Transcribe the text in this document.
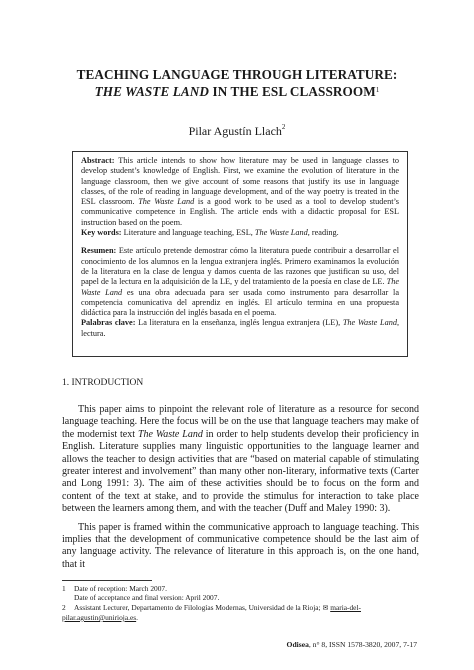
TEACHING LANGUAGE THROUGH LITERATURE:
THE WASTE LAND IN THE ESL CLASSROOM$^1$
Pilar Agustín Llach$^2$

Abstract: This article intends to show how literature may be used in language classes to develop student’s knowledge of English. First, we examine the evolution of literature in the language classroom, then we give account of some reasons that justify its use in language classes, of the role of reading in language development, and of the way poetry is treated in the ESL classroom. The Waste Land is a good work to be used as a tool to develop student’s communicative competence in English. The article ends with a didactic proposal for ESL instruction based on the poem.

Key words: Literature and language teaching, ESL, The Waste Land, reading.

Resumen: Este artículo pretende demostrar cómo la literatura puede contribuir a desarrollar el conocimiento de los alumnos en la lengua extranjera inglés. Primero examinamos la evolución de la literatura en la clase de lengua y damos cuenta de las razones que justifican su uso, del papel de la lectura en la adquisición de la LE, y del tratamiento de la poesía en clase de LE. The Waste Land es una obra adecuada para ser usada como instrumento para desarrollar la competencia comunicativa del aprendiz en inglés. El artículo termina en una propuesta didáctica para la instrucción del inglés basada en el poema.

Palabras clave: La literatura en la enseñanza, inglés lengua extranjera (LE), The Waste Land, lectura.

1. INTRODUCTION

This paper aims to pinpoint the relevant role of literature as a resource for second language teaching. Here the focus will be on the use that language teachers may make of the modernist text The Waste Land in order to help students develop their proficiency in English. Literature supplies many linguistic opportunities to the language learner and allows the teacher to design activities that are “based on material capable of stimulating greater interest and involvement” than many other non-literary, informative texts (Carter and Long 1991: 3). The aim of these activities should be to focus on the form and content of the text at stake, and to provide the stimulus for interaction to take place between the learners among them, and with the teacher (Duff and Maley 1990: 3).

This paper is framed within the communicative approach to language teaching. This implies that the development of communicative competence should be the last aim of any language activity. The relevance of literature in this approach is, on the one hand, that it

1 Date of reception: March 2007.
Date of acceptance and final version: April 2007.
2 Assistant Lecturer, Departamento de Filologías Modernas, Universidad de la Rioja; ✉ maria-del-pilar.agustin@unirioja.es.
Odisea, n° 8, ISSN 1578-3820, 2007, 7-17
